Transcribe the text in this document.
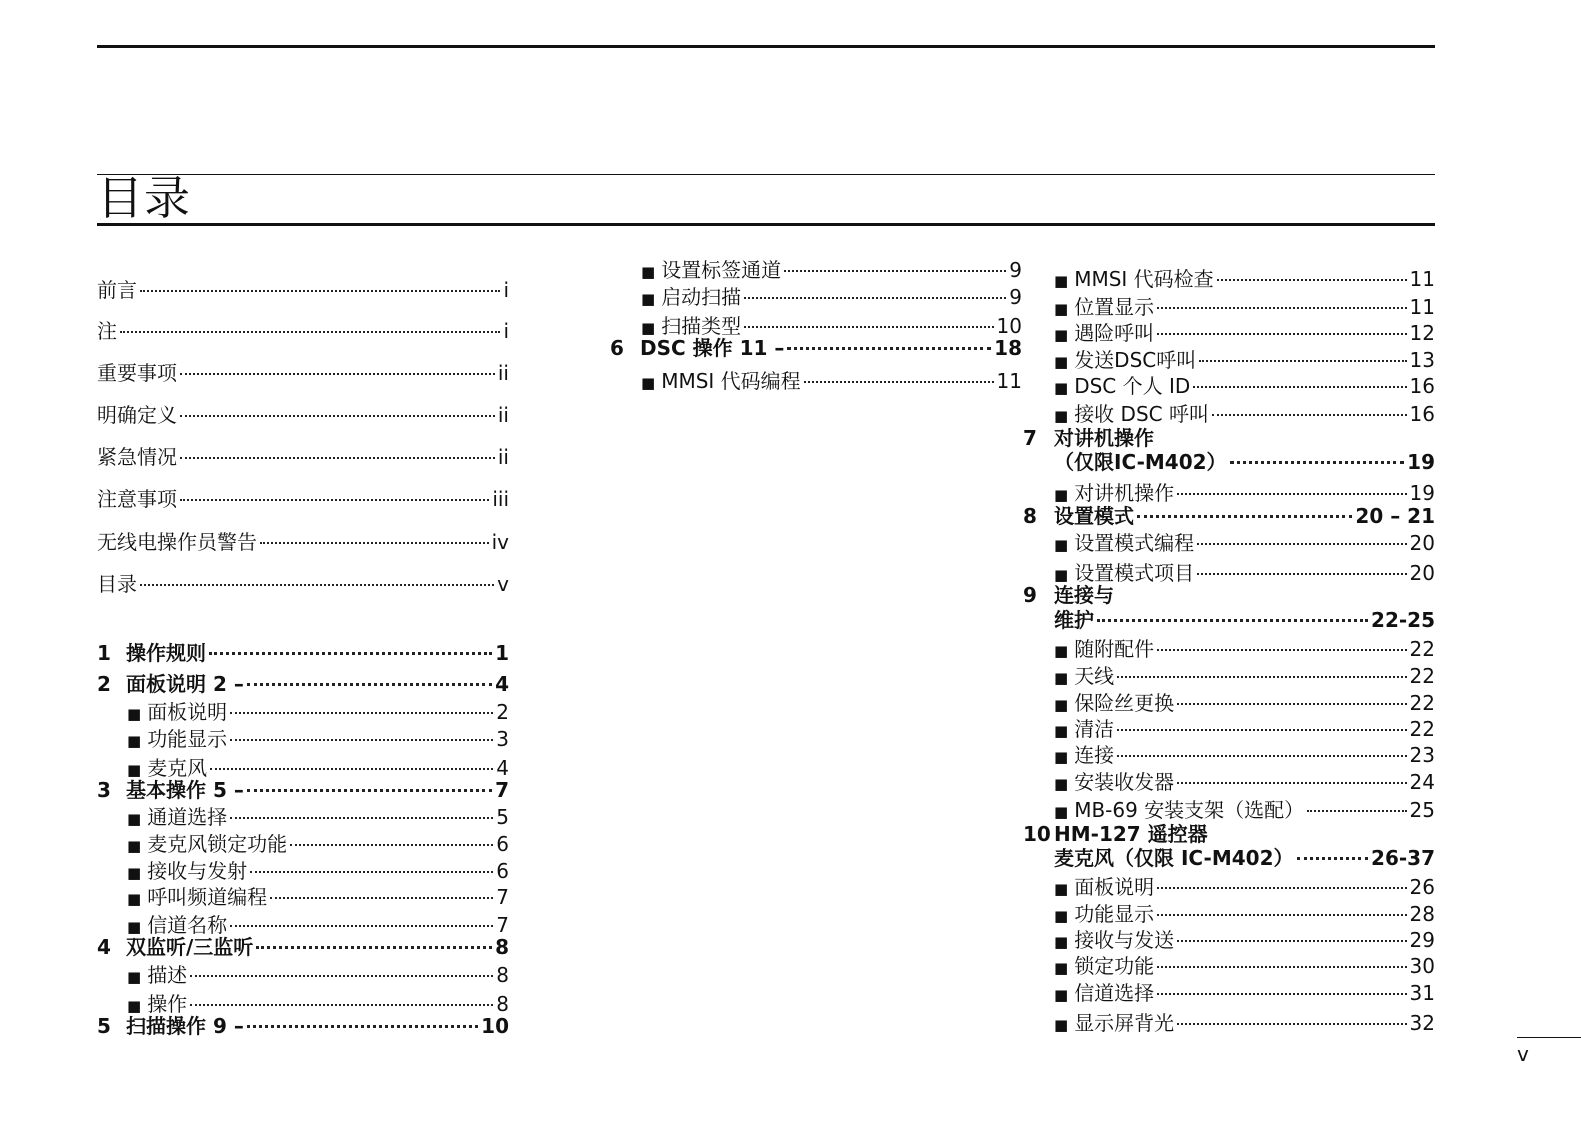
目录
前言	i
注	i
重要事项	ii
明确定义	ii
紧急情况	ii
注意事项	iii
无线电操作员警告	iv
目录	v
1 操作规则	1
2 面板说明 2 –	4
■ 面板说明	2
■ 功能显示	3
■ 麦克风	4
3 基本操作 5 –	7
■ 通道选择	5
■ 麦克风锁定功能	6
■ 接收与发射	6
■ 呼叫频道编程	7
■ 信道名称	7
4 双监听/三监听	8
■ 描述	8
■ 操作	8
5 扫描操作 9 –	10
■ 设置标签通道	9
■ 启动扫描	9
■ 扫描类型	10
6 DSC 操作 11 –	18
■ MMSI 代码编程	11
■ MMSI 代码检查	11
■ 位置显示	11
■ 遇险呼叫	12
■ 发送DSC呼叫	13
■ DSC 个人 ID	16
■ 接收 DSC 呼叫	16
7 对讲机操作
（仅限IC-M402）	19
■ 对讲机操作	19
8 设置模式	20 – 21
■ 设置模式编程	20
■ 设置模式项目	20
9 连接与
维护	22-25
■ 随附配件	22
■ 天线	22
■ 保险丝更换	22
■ 清洁	22
■ 连接	23
■ 安装收发器	24
■ MB-69 安装支架（选配）	25
10 HM-127 遥控器
麦克风（仅限 IC-M402）	26-37
■ 面板说明	26
■ 功能显示	28
■ 接收与发送	29
■ 锁定功能	30
■ 信道选择	31
■ 显示屏背光	32
v
